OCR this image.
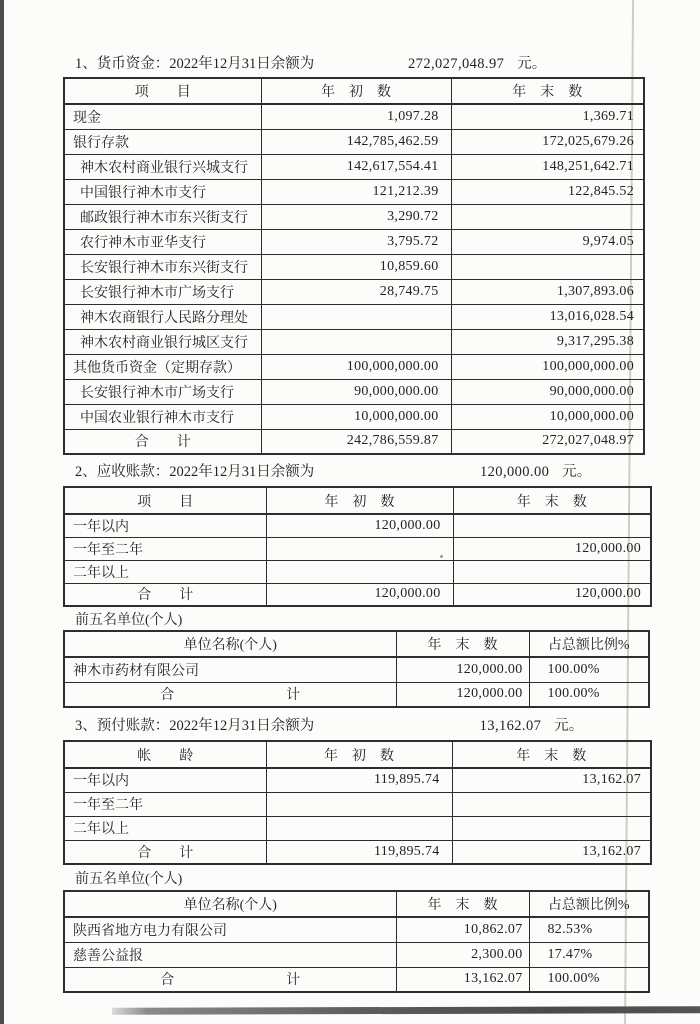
1、货币资金：2022年12月31日余额为	272,027,048.97 元。
项　　目	年　初　数	年　末　数
现金	1,097.28	1,369.71
银行存款	142,785,462.59	172,025,679.26
神木农村商业银行兴城支行	142,617,554.41	148,251,642.71
中国银行神木市支行	121,212.39	122,845.52
邮政银行神木市东兴街支行	3,290.72	
农行神木市亚华支行	3,795.72	9,974.05
长安银行神木市东兴街支行	10,859.60	
长安银行神木市广场支行	28,749.75	1,307,893.06
神木农商银行人民路分理处		13,016,028.54
神木农村商业银行城区支行		9,317,295.38
其他货币资金（定期存款）	100,000,000.00	100,000,000.00
长安银行神木市广场支行	90,000,000.00	90,000,000.00
中国农业银行神木市支行	10,000,000.00	10,000,000.00
合　　计	242,786,559.87	272,027,048.97
2、应收账款：2022年12月31日余额为	120,000.00 元。
项　　目	年　初　数	年　末　数
一年以内	120,000.00	
一年至二年		120,000.00
二年以上		
合　　计	120,000.00	120,000.00
前五名单位(个人)
单位名称(个人)	年　末　数	占总额比例%
神木市药材有限公司	120,000.00	100.00%
合　　　　　　　　计	120,000.00	100.00%
3、预付账款：2022年12月31日余额为	13,162.07 元。
帐　　龄	年　初　数	年　末　数
一年以内	119,895.74	13,162.07
一年至二年		
二年以上		
合　　计	119,895.74	13,162.07
前五名单位(个人)
单位名称(个人)	年　末　数	占总额比例%
陕西省地方电力有限公司	10,862.07	82.53%
慈善公益报	2,300.00	17.47%
合　　　　　　　　计	13,162.07	100.00%
